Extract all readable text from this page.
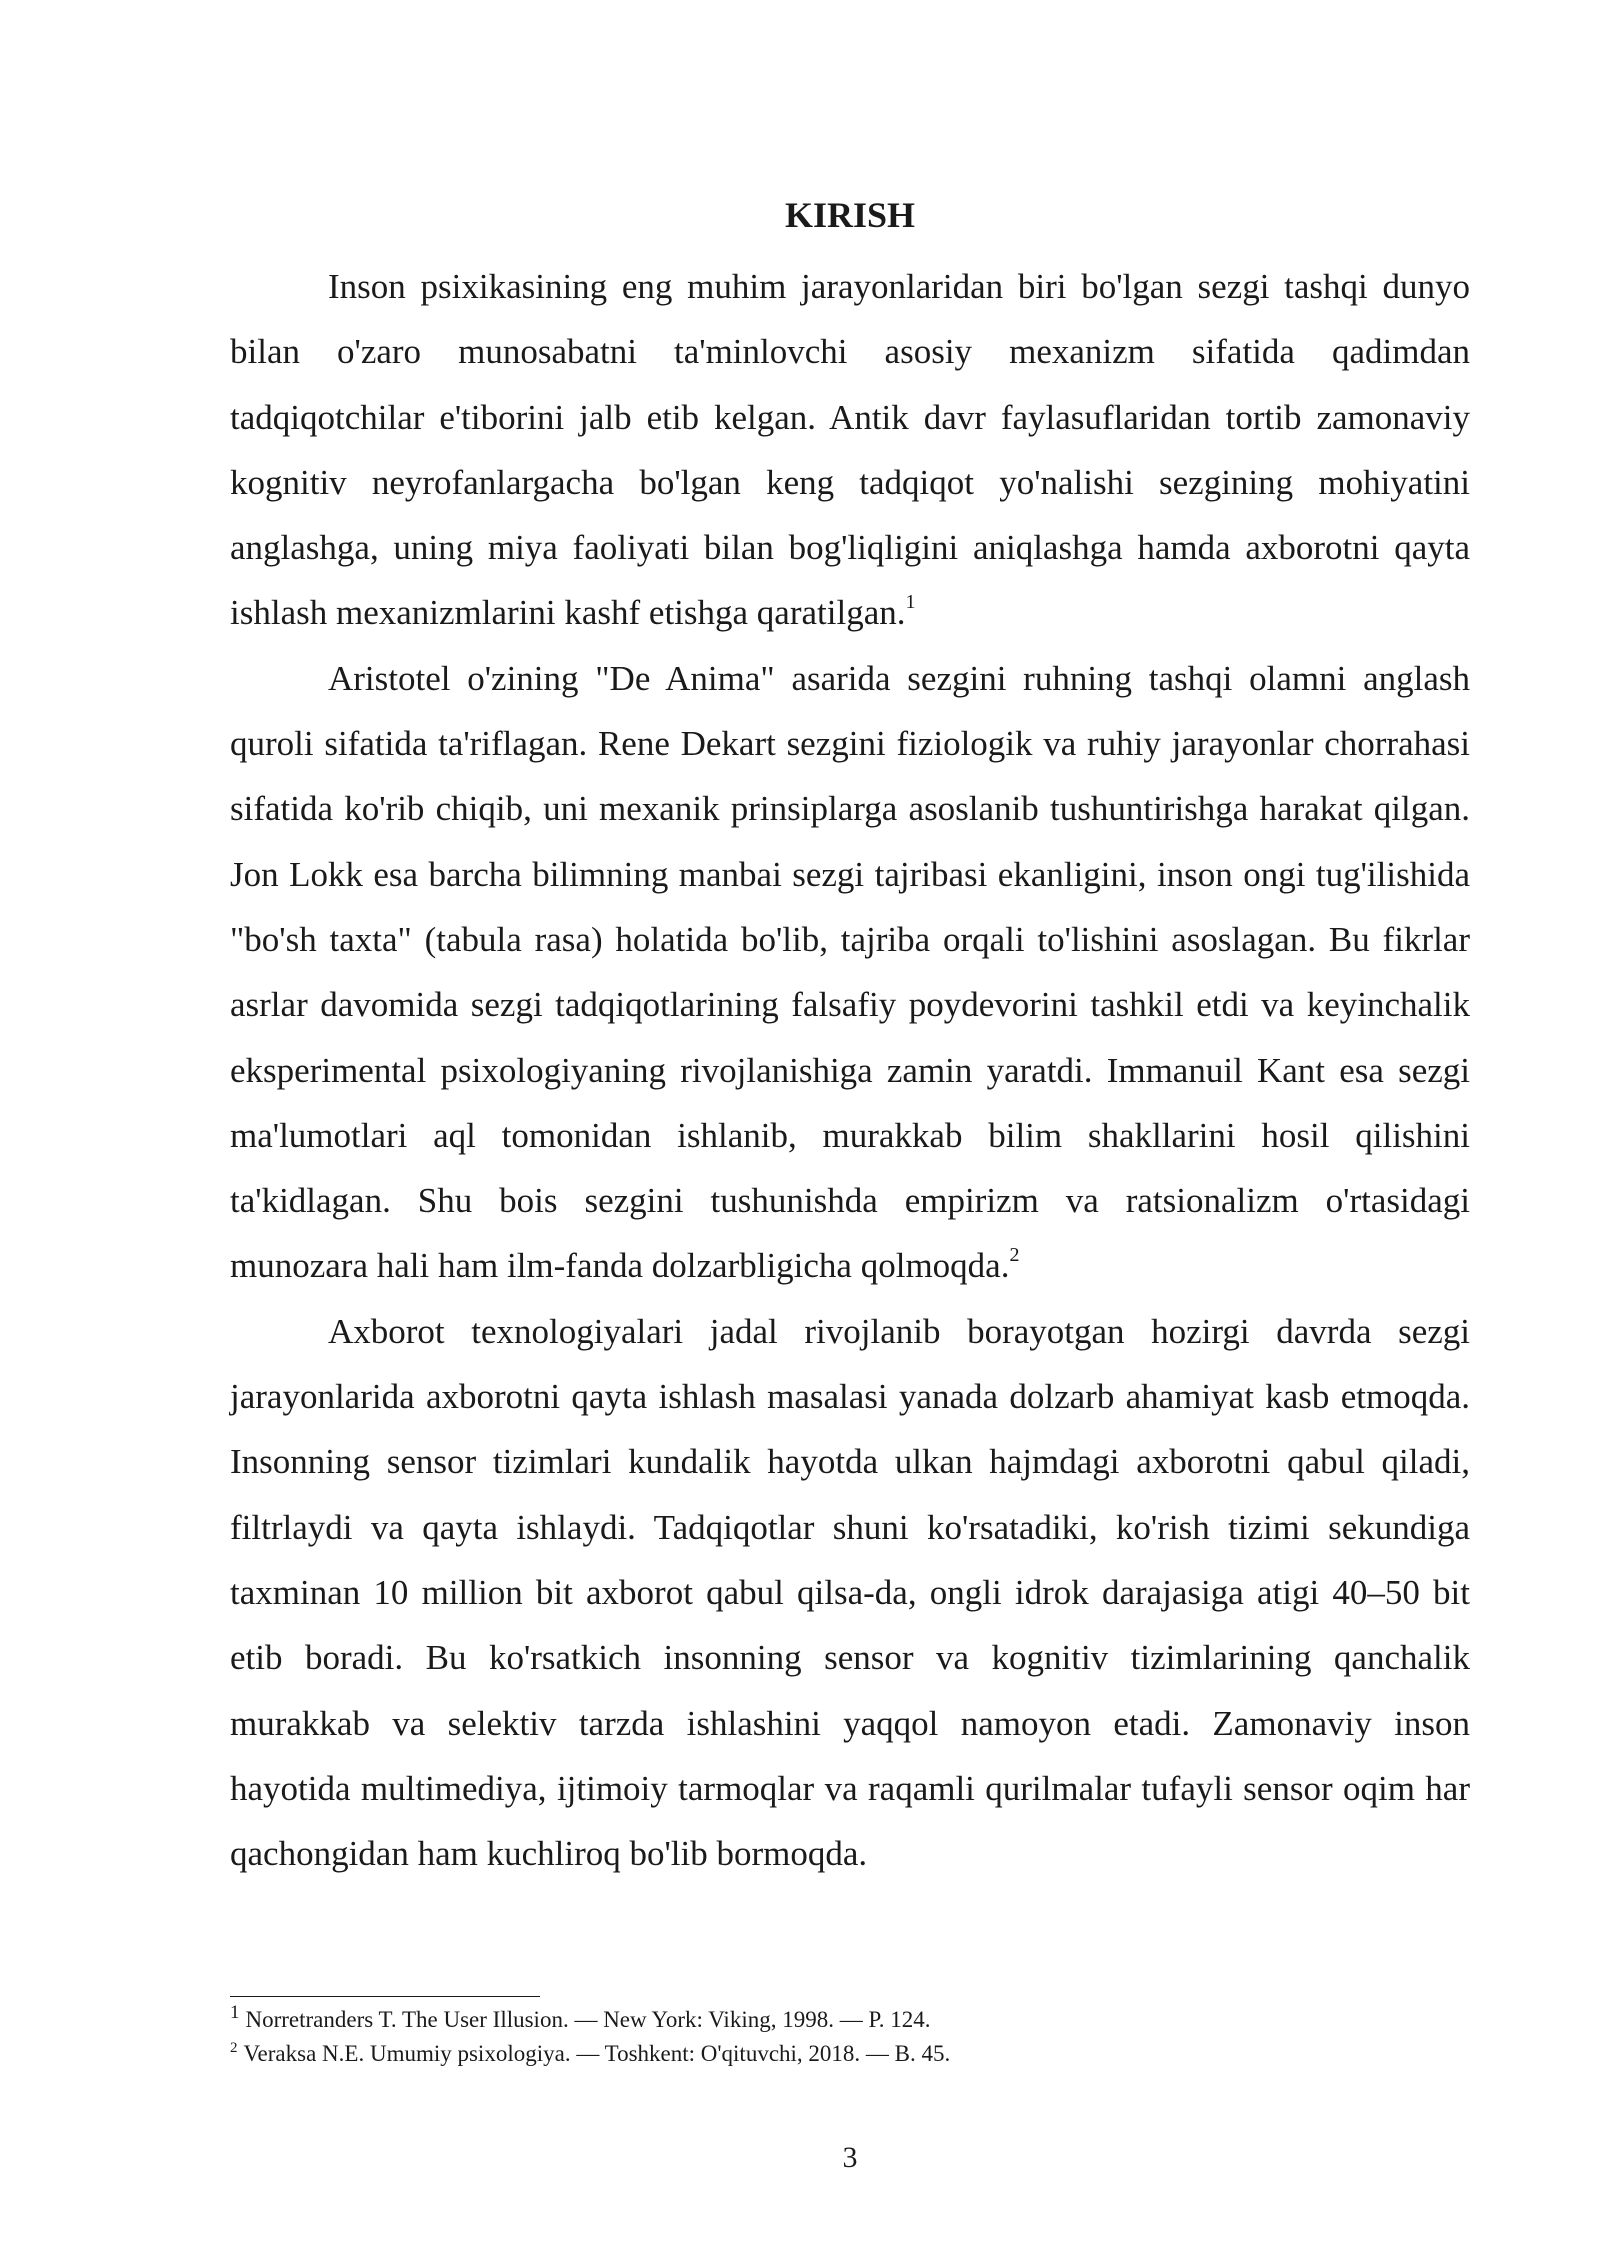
KIRISH

Inson psixikasining eng muhim jarayonlaridan biri bo'lgan sezgi tashqi dunyo bilan o'zaro munosabatni ta'minlovchi asosiy mexanizm sifatida qadimdan tadqiqotchilar e'tiborini jalb etib kelgan. Antik davr faylasuflaridan tortib zamonaviy kognitiv neyrofanlargacha bo'lgan keng tadqiqot yo'nalishi sezgining mohiyatini anglashga, uning miya faoliyati bilan bog'liqligini aniqlashga hamda axborotni qayta ishlash mexanizmlarini kashf etishga qaratilgan.$^1$

Aristotel o'zining "De Anima" asarida sezgini ruhning tashqi olamni anglash quroli sifatida ta'riflagan. Rene Dekart sezgini fiziologik va ruhiy jarayonlar chorrahasi sifatida ko'rib chiqib, uni mexanik prinsiplarga asoslanib tushuntirishga harakat qilgan. Jon Lokk esa barcha bilimning manbai sezgi tajribasi ekanligini, inson ongi tug'ilishida "bo'sh taxta" (tabula rasa) holatida bo'lib, tajriba orqali to'lishini asoslagan. Bu fikrlar asrlar davomida sezgi tadqiqotlarining falsafiy poydevorini tashkil etdi va keyinchalik eksperimental psixologiyaning rivojlanishiga zamin yaratdi. Immanuil Kant esa sezgi ma'lumotlari aql tomonidan ishlanib, murakkab bilim shakllarini hosil qilishini ta'kidlagan. Shu bois sezgini tushunishda empirizm va ratsionalizm o'rtasidagi munozara hali ham ilm-fanda dolzarbligicha qolmoqda.$^2$

Axborot texnologiyalari jadal rivojlanib borayotgan hozirgi davrda sezgi jarayonlarida axborotni qayta ishlash masalasi yanada dolzarb ahamiyat kasb etmoqda. Insonning sensor tizimlari kundalik hayotda ulkan hajmdagi axborotni qabul qiladi, filtrlaydi va qayta ishlaydi. Tadqiqotlar shuni ko'rsatadiki, ko'rish tizimi sekundiga taxminan 10 million bit axborot qabul qilsa-da, ongli idrok darajasiga atigi 40–50 bit etib boradi. Bu ko'rsatkich insonning sensor va kognitiv tizimlarining qanchalik murakkab va selektiv tarzda ishlashini yaqqol namoyon etadi. Zamonaviy inson hayotida multimediya, ijtimoiy tarmoqlar va raqamli qurilmalar tufayli sensor oqim har qachongidan ham kuchliroq bo'lib bormoqda.

$^1$ Norretranders T. The User Illusion. — New York: Viking, 1998. — P. 124.

$^2$ Veraksa N.E. Umumiy psixologiya. — Toshkent: O'qituvchi, 2018. — B. 45.

3
